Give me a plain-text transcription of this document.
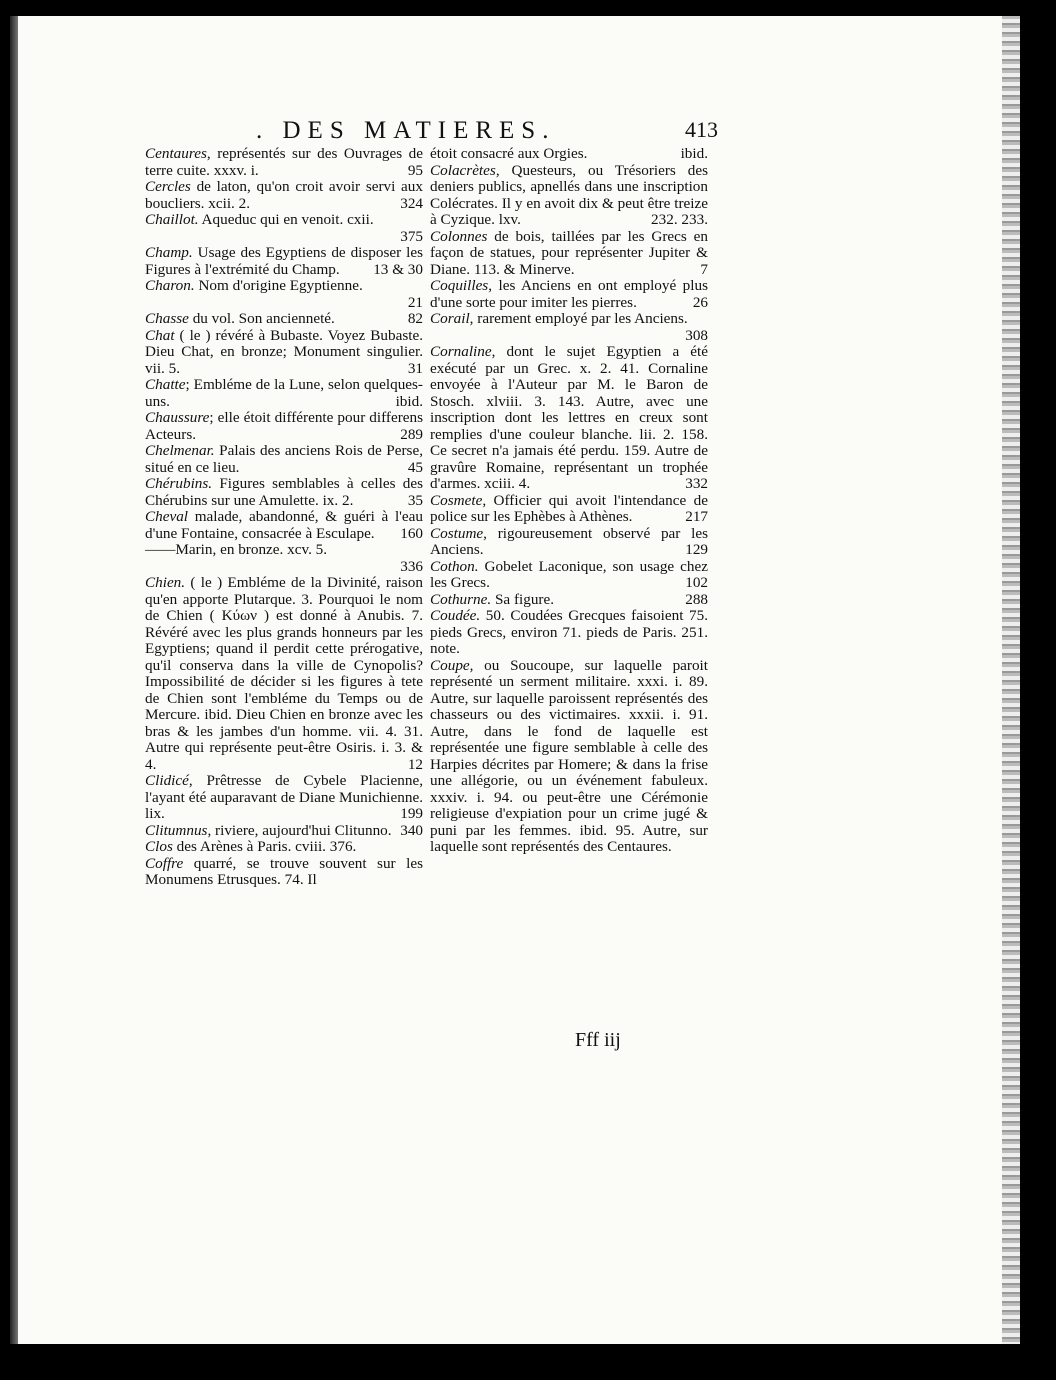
. DES MATIERES.	413

Centaures, représentés sur des Ouvrages de terre cuite. xxxv. i.	95

Cercles de laton, qu'on croit avoir servi aux boucliers. xcii. 2.	324

Chaillot. Aqueduc qui en venoit. cxii.
375

Champ. Usage des Egyptiens de disposer les Figures à l'extrémité du Champ. 13 & 30

Charon. Nom d'origine Egyptienne.
21

Chasse du vol. Son ancienneté.	82

Chat ( le ) révéré à Bubaste. Voyez Bubaste. Dieu Chat, en bronze; Monument singulier. vii. 5.	31

Chatte; Embléme de la Lune, selon quelques-uns.	ibid.

Chaussure; elle étoit différente pour differens Acteurs.	289

Chelmenar. Palais des anciens Rois de Perse, situé en ce lieu.	45

Chérubins. Figures semblables à celles des Chérubins sur une Amulette. ix. 2.	35

Cheval malade, abandonné, & guéri à l'eau d'une Fontaine, consacrée à Esculape. 160

——Marin, en bronze. xcv. 5.
336

Chien. ( le ) Embléme de la Divinité, raison qu'en apporte Plutarque. 3. Pourquoi le nom de Chien ( Κύων ) est donné à Anubis. 7. Révéré avec les plus grands honneurs par les Egyptiens; quand il perdit cette prérogative, qu'il conserva dans la ville de Cynopolis? Impossibilité de décider si les figures à tete de Chien sont l'embléme du Temps ou de Mercure. ibid. Dieu Chien en bronze avec les bras & les jambes d'un homme. vii. 4. 31. Autre qui représente peut-être Osiris. i. 3. & 4.	12

Clidicé, Prêtresse de Cybele Placienne, l'ayant été auparavant de Diane Munichienne. lix.	199

Clitumnus, riviere, aujourd'hui Clitunno. 340

Clos des Arènes à Paris. cviii. 376.

Coffre quarré, se trouve souvent sur les Monumens Etrusques. 74. Il

étoit consacré aux Orgies.	ibid.

Colacrètes, Questeurs, ou Trésoriers des deniers publics, apnellés dans une inscription Colécrates. Il y en avoit dix & peut être treize à Cyzique. lxv.	232. 233.

Colonnes de bois, taillées par les Grecs en façon de statues, pour représenter Jupiter & Diane. 113. & Minerve.	7

Coquilles, les Anciens en ont employé plus d'une sorte pour imiter les pierres.	26

Corail, rarement employé par les Anciens.
308

Cornaline, dont le sujet Egyptien a été exécuté par un Grec. x. 2. 41. Cornaline envoyée à l'Auteur par M. le Baron de Stosch. xlviii. 3. 143. Autre, avec une inscription dont les lettres en creux sont remplies d'une couleur blanche. lii. 2. 158. Ce secret n'a jamais été perdu. 159. Autre de gravûre Romaine, représentant un trophée d'armes. xciii. 4.	332

Cosmete, Officier qui avoit l'intendance de police sur les Ephèbes à Athènes.	217

Costume, rigoureusement observé par les Anciens.	129

Cothon. Gobelet Laconique, son usage chez les Grecs.	102

Cothurne. Sa figure.	288

Coudée. 50. Coudées Grecques faisoient 75. pieds Grecs, environ 71. pieds de Paris. 251. note.

Coupe, ou Soucoupe, sur laquelle paroit représenté un serment militaire. xxxi. i. 89. Autre, sur laquelle paroissent représentés des chasseurs ou des victimaires. xxxii. i. 91. Autre, dans le fond de laquelle est représentée une figure semblable à celle des Harpies décrites par Homere; & dans la frise une allégorie, ou un événement fabuleux. xxxiv. i. 94. ou peut-être une Cérémonie religieuse d'expiation pour un crime jugé & puni par les femmes. ibid. 95. Autre, sur laquelle sont représentés des Centaures.

Fff iij
